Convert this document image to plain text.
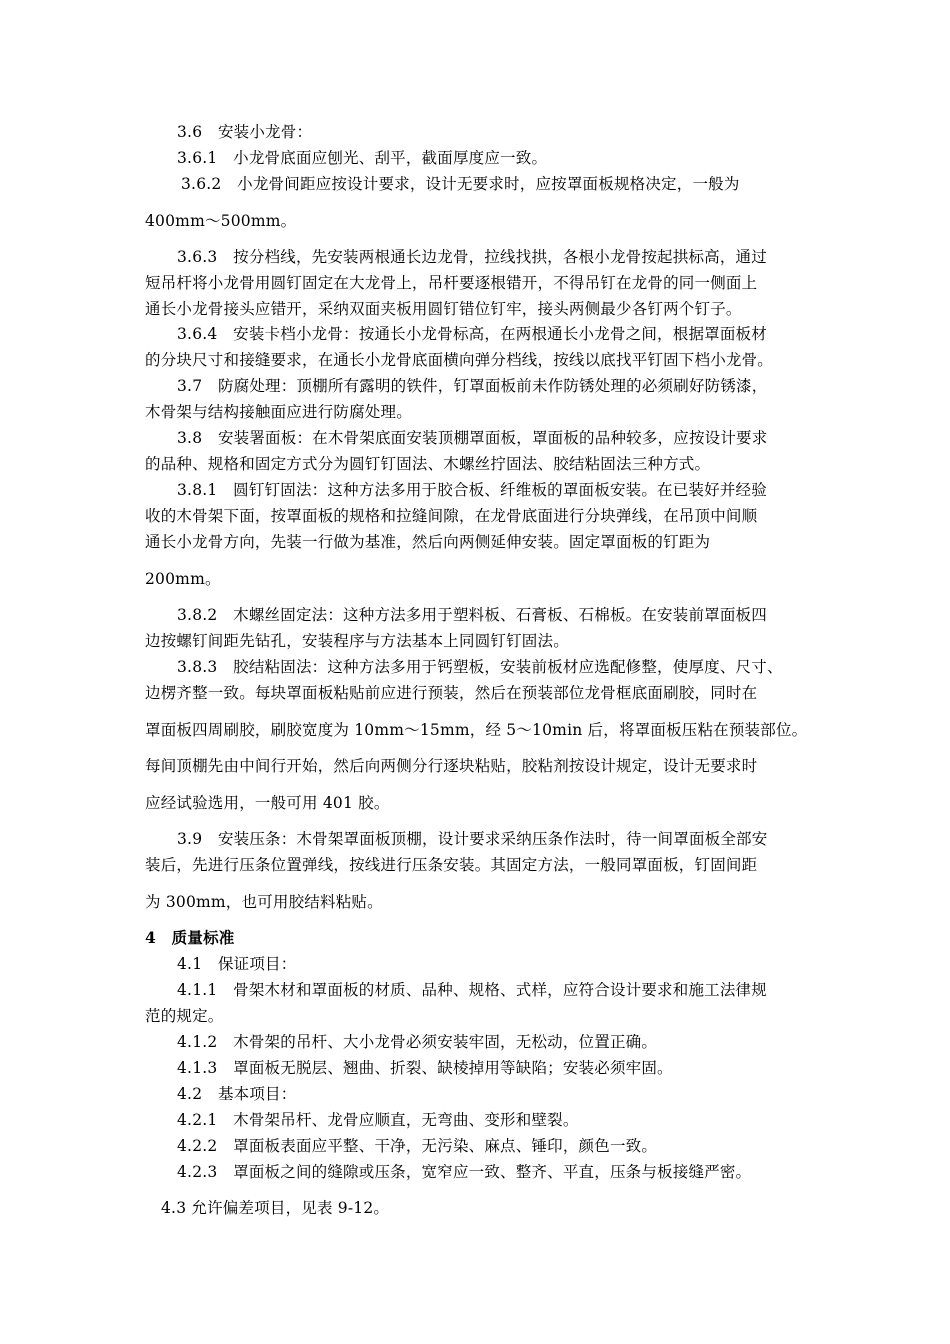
3.6　安装小龙骨：
3.6.1　小龙骨底面应刨光、刮平，截面厚度应一致。
3.6.2　小龙骨间距应按设计要求，设计无要求时，应按罩面板规格决定，一般为
400mm～500mm。
3.6.3　按分档线，先安装两根通长边龙骨，拉线找拱，各根小龙骨按起拱标高，通过
短吊杆将小龙骨用圆钉固定在大龙骨上，吊杆要逐根错开，不得吊钉在龙骨的同一侧面上
通长小龙骨接头应错开，采纳双面夹板用圆钉错位钉牢，接头两侧最少各钉两个钉子。
3.6.4　安装卡档小龙骨：按通长小龙骨标高，在两根通长小龙骨之间，根据罩面板材
的分块尺寸和接缝要求，在通长小龙骨底面横向弹分档线，按线以底找平钉固下档小龙骨。
3.7　防腐处理：顶棚所有露明的铁件，钉罩面板前未作防锈处理的必须刷好防锈漆，
木骨架与结构接触面应进行防腐处理。
3.8　安装署面板：在木骨架底面安装顶棚罩面板，罩面板的品种较多，应按设计要求
的品种、规格和固定方式分为圆钉钉固法、木螺丝拧固法、胶结粘固法三种方式。
3.8.1　圆钉钉固法：这种方法多用于胶合板、纤维板的罩面板安装。在已装好并经验
收的木骨架下面，按罩面板的规格和拉缝间隙，在龙骨底面进行分块弹线，在吊顶中间顺
通长小龙骨方向，先装一行做为基准，然后向两侧延伸安装。固定罩面板的钉距为
200mm。
3.8.2　木螺丝固定法：这种方法多用于塑料板、石膏板、石棉板。在安装前罩面板四
边按螺钉间距先钻孔，安装程序与方法基本上同圆钉钉固法。
3.8.3　胶结粘固法：这种方法多用于钙塑板，安装前板材应选配修整，使厚度、尺寸、
边楞齐整一致。每块罩面板粘贴前应进行预装，然后在预装部位龙骨框底面刷胶，同时在
罩面板四周刷胶，刷胶宽度为 10mm～15mm，经 5～10min 后，将罩面板压粘在预装部位。
每间顶棚先由中间行开始，然后向两侧分行逐块粘贴，胶粘剂按设计规定，设计无要求时
应经试验选用，一般可用 401 胶。
3.9　安装压条：木骨架罩面板顶棚，设计要求采纳压条作法时，待一间罩面板全部安
装后，先进行压条位置弹线，按线进行压条安装。其固定方法，一般同罩面板，钉固间距
为 300mm，也可用胶结料粘贴。
4　质量标准
4.1　保证项目：
4.1.1　骨架木材和罩面板的材质、品种、规格、式样，应符合设计要求和施工法律规
范的规定。
4.1.2　木骨架的吊杆、大小龙骨必须安装牢固，无松动，位置正确。
4.1.3　罩面板无脱层、翘曲、折裂、缺棱掉用等缺陷；安装必须牢固。
4.2　基本项目：
4.2.1　木骨架吊杆、龙骨应顺直，无弯曲、变形和壁裂。
4.2.2　罩面板表面应平整、干净，无污染、麻点、锤印，颜色一致。
4.2.3　罩面板之间的缝隙或压条，宽窄应一致、整齐、平直，压条与板接缝严密。
4.3 允许偏差项目，见表 9-12。
